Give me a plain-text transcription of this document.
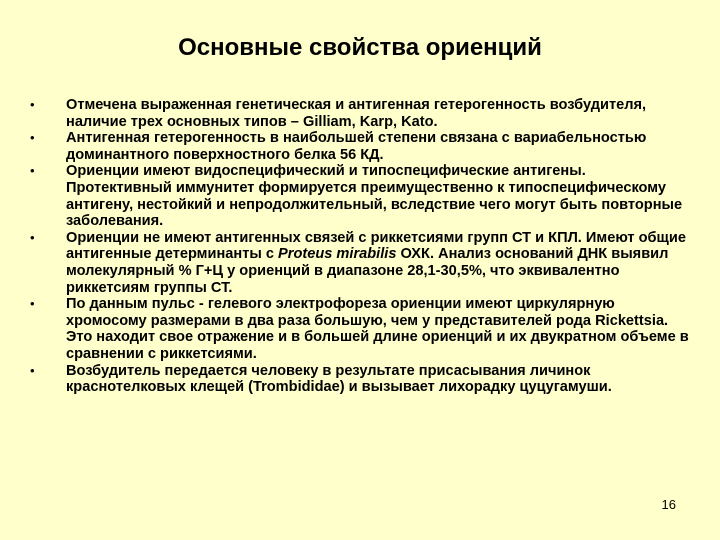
Основные свойства ориенций
•	Отмечена выраженная генетическая и антигенная гетерогенность возбудителя, наличие трех основных типов – Gilliam, Karp, Kato.
•	Антигенная гетерогенность в наибольшей степени связана с вариабельностью доминантного поверхностного белка 56 КД.
•	Ориенции имеют видоспецифический и типоспецифические антигены. Протективный иммунитет формируется преимущественно к типоспецифическому антигену, нестойкий и непродолжительный, вследствие чего могут быть повторные заболевания.
•	Ориенции не имеют антигенных связей с риккетсиями групп СТ и КПЛ. Имеют общие антигенные детерминанты с Proteus mirabilis ОХК. Анализ оснований ДНК выявил молекулярный % Г+Ц у ориенций в диапазоне 28,1-30,5%, что эквивалентно риккетсиям группы СТ.
•	По данным пульс - гелевого электрофореза ориенции имеют циркулярную хромосому размерами в два раза большую, чем у представителей рода Rickettsia. Это находит свое отражение и в большей длине ориенций и их двукратном объеме в сравнении с риккетсиями.
•	Возбудитель передается человеку в результате присасывания личинок краснотелковых клещей (Trombididae) и вызывает лихорадку цуцугамуши.
16
